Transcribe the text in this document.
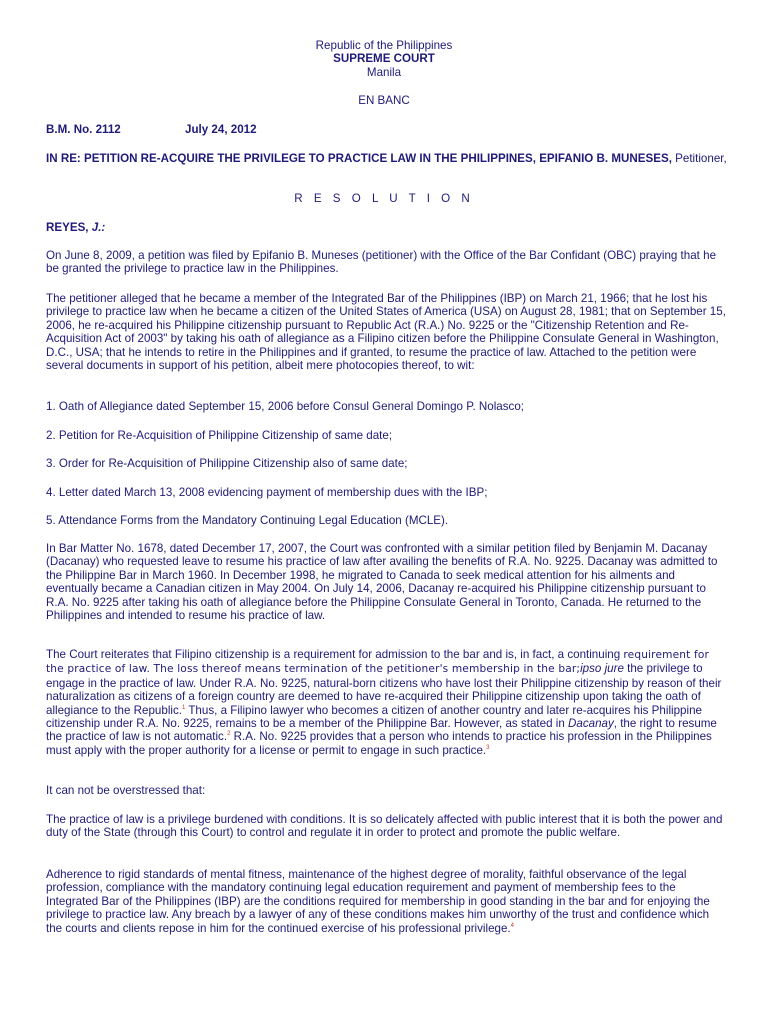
Republic of the Philippines
SUPREME COURT
Manila
EN BANC
B.M. No. 2112	July 24, 2012
IN RE: PETITION RE-ACQUIRE THE PRIVILEGE TO PRACTICE LAW IN THE PHILIPPINES, EPIFANIO B. MUNESES, Petitioner,
R E S O L U T I O N
REYES, J.:

On June 8, 2009, a petition was filed by Epifanio B. Muneses (petitioner) with the Office of the Bar Confidant (OBC) praying that he be granted the privilege to practice law in the Philippines.

The petitioner alleged that he became a member of the Integrated Bar of the Philippines (IBP) on March 21, 1966; that he lost his privilege to practice law when he became a citizen of the United States of America (USA) on August 28, 1981; that on September 15, 2006, he re-acquired his Philippine citizenship pursuant to Republic Act (R.A.) No. 9225 or the "Citizenship Retention and Re-Acquisition Act of 2003" by taking his oath of allegiance as a Filipino citizen before the Philippine Consulate General in Washington, D.C., USA; that he intends to retire in the Philippines and if granted, to resume the practice of law. Attached to the petition were several documents in support of his petition, albeit mere photocopies thereof, to wit:

1. Oath of Allegiance dated September 15, 2006 before Consul General Domingo P. Nolasco;

2. Petition for Re-Acquisition of Philippine Citizenship of same date;

3. Order for Re-Acquisition of Philippine Citizenship also of same date;

4. Letter dated March 13, 2008 evidencing payment of membership dues with the IBP;

5. Attendance Forms from the Mandatory Continuing Legal Education (MCLE).

In Bar Matter No. 1678, dated December 17, 2007, the Court was confronted with a similar petition filed by Benjamin M. Dacanay (Dacanay) who requested leave to resume his practice of law after availing the benefits of R.A. No. 9225. Dacanay was admitted to the Philippine Bar in March 1960. In December 1998, he migrated to Canada to seek medical attention for his ailments and eventually became a Canadian citizen in May 2004. On July 14, 2006, Dacanay re-acquired his Philippine citizenship pursuant to R.A. No. 9225 after taking his oath of allegiance before the Philippine Consulate General in Toronto, Canada. He returned to the Philippines and intended to resume his practice of law.

The Court reiterates that Filipino citizenship is a requirement for admission to the bar and is, in fact, a continuing requirement for the practice of law. The loss thereof means termination of the petitioner's membership in the bar;ipso jure the privilege to engage in the practice of law. Under R.A. No. 9225, natural-born citizens who have lost their Philippine citizenship by reason of their naturalization as citizens of a foreign country are deemed to have re-acquired their Philippine citizenship upon taking the oath of allegiance to the Republic.$^1$ Thus, a Filipino lawyer who becomes a citizen of another country and later re-acquires his Philippine citizenship under R.A. No. 9225, remains to be a member of the Philippine Bar. However, as stated in Dacanay, the right to resume the practice of law is not automatic.$^2$ R.A. No. 9225 provides that a person who intends to practice his profession in the Philippines must apply with the proper authority for a license or permit to engage in such practice.$^3$

It can not be overstressed that:

The practice of law is a privilege burdened with conditions. It is so delicately affected with public interest that it is both the power and duty of the State (through this Court) to control and regulate it in order to protect and promote the public welfare.

Adherence to rigid standards of mental fitness, maintenance of the highest degree of morality, faithful observance of the legal profession, compliance with the mandatory continuing legal education requirement and payment of membership fees to the Integrated Bar of the Philippines (IBP) are the conditions required for membership in good standing in the bar and for enjoying the privilege to practice law. Any breach by a lawyer of any of these conditions makes him unworthy of the trust and confidence which the courts and clients repose in him for the continued exercise of his professional privilege.$^4$
